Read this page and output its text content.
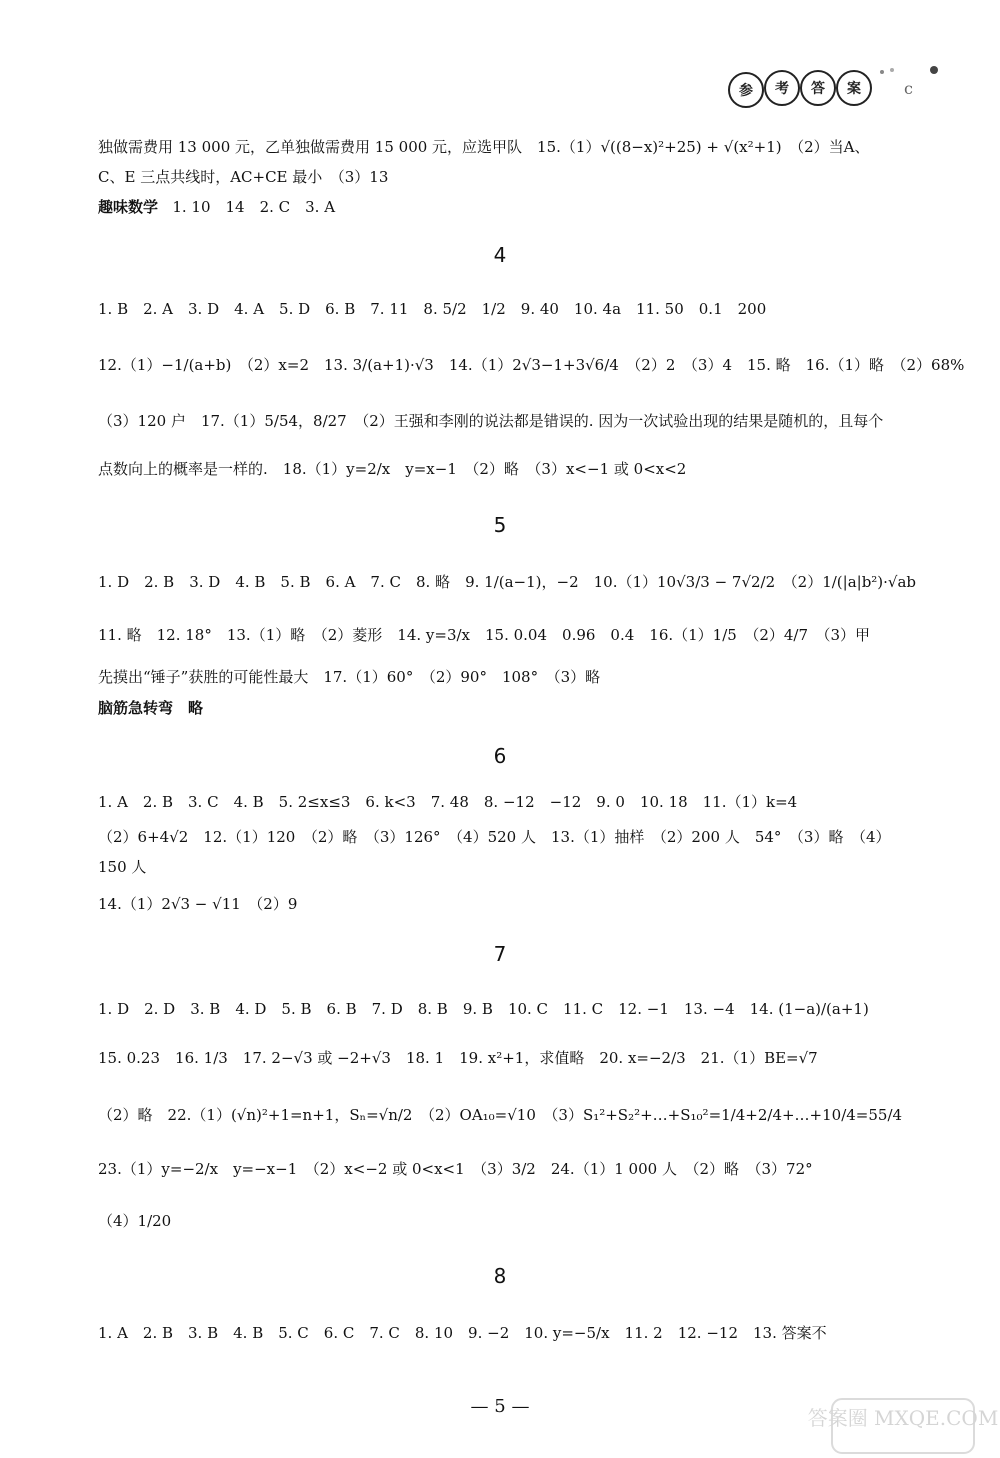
参 考 答 案	c
独做需费用 13 000 元，乙单独做需费用 15 000 元，应选甲队　15.（1）√((8−x)²+25) + √(x²+1)　（2）当A、
C、E 三点共线时，AC+CE 最小　（3）13
趣味数学 1. 10　14　2. C　3. A
4
1. B　2. A　3. D　4. A　5. D　6. B　7. 11　8. 5/2　1/2　9. 40　10. 4a　11. 50　0.1　200
12.（1）−1/(a+b)　（2）x=2　13. 3/(a+1)·√3　14.（1）2√3−1+3√6/4　（2）2　（3）4　15. 略　16.（1）略　（2）68%
（3）120 户　17.（1）5/54，8/27　（2）王强和李刚的说法都是错误的. 因为一次试验出现的结果是随机的，且每个
点数向上的概率是一样的.　18.（1）y=2/x　y=x−1　（2）略　（3）x<−1 或 0<x<2
5
1. D　2. B　3. D　4. B　5. B　6. A　7. C　8. 略　9. 1/(a−1)，−2　10.（1）10√3/3 − 7√2/2　（2）1/(|a|b²)·√ab
11. 略　12. 18°　13.（1）略　（2）菱形　14. y=3/x　15. 0.04　0.96　0.4　16.（1）1/5　（2）4/7　（3）甲
先摸出“锤子”获胜的可能性最大　17.（1）60°　（2）90°　108°　（3）略
脑筋急转弯　略
6
1. A　2. B　3. C　4. B　5. 2≤x≤3　6. k<3　7. 48　8. −12　−12　9. 0　10. 18　11.（1）k=4
（2）6+4√2　12.（1）120　（2）略　（3）126°　（4）520 人　13.（1）抽样　（2）200 人　54°　（3）略　（4）
150 人
14.（1）2√3 − √11　（2）9
7
1. D　2. D　3. B　4. D　5. B　6. B　7. D　8. B　9. B　10. C　11. C　12. −1　13. −4　14. (1−a)/(a+1)
15. 0.23　16. 1/3　17. 2−√3 或 −2+√3　18. 1　19. x²+1，求值略　20. x=−2/3　21.（1）BE=√7
（2）略　22.（1）(√n)²+1=n+1，Sₙ=√n/2　（2）OA₁₀=√10　（3）S₁²+S₂²+…+S₁₀²=1/4+2/4+…+10/4=55/4
23.（1）y=−2/x　y=−x−1　（2）x<−2 或 0<x<1　（3）3/2　24.（1）1 000 人　（2）略　（3）72°
（4）1/20
8
1. A　2. B　3. B　4. B　5. C　6. C　7. C　8. 10　9. −2　10. y=−5/x　11. 2　12. −12　13. 答案不
— 5 —	答案圈 MXQE.COM
